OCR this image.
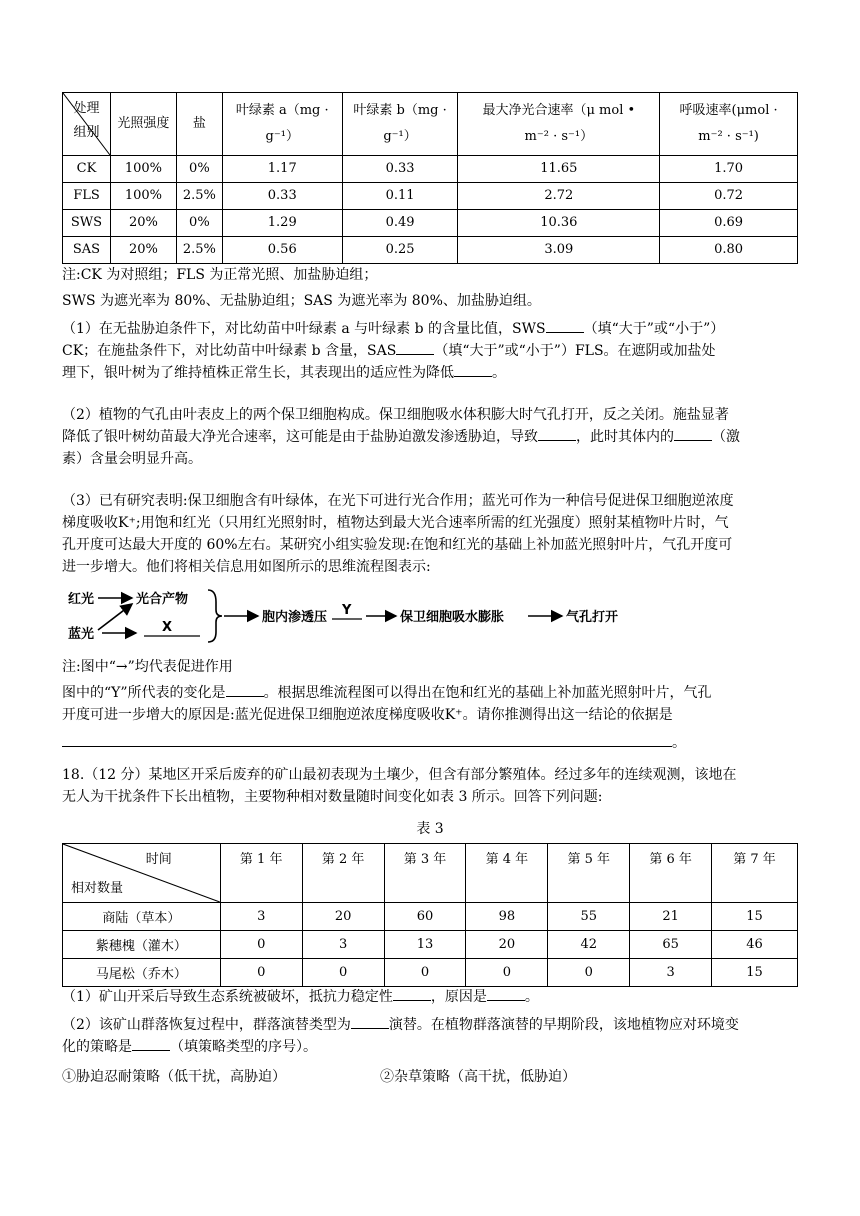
处理
组别	光照强度	盐	叶绿素 a（mg · g⁻¹）	叶绿素 b（mg · g⁻¹）	最大净光合速率（μ mol • m⁻² · s⁻¹）	呼吸速率(μmol · m⁻² · s⁻¹)
CK	100%	0%	1.17	0.33	11.65	1.70
FLS	100%	2.5%	0.33	0.11	2.72	0.72
SWS	20%	0%	1.29	0.49	10.36	0.69
SAS	20%	2.5%	0.56	0.25	3.09	0.80
注:CK 为对照组；FLS 为正常光照、加盐胁迫组；
SWS 为遮光率为 80%、无盐胁迫组；SAS 为遮光率为 80%、加盐胁迫组。
（1）在无盐胁迫条件下，对比幼苗中叶绿素 a 与叶绿素 b 的含量比值，SWS	（填“大于”或“小于”）
CK；在施盐条件下，对比幼苗中叶绿素 b 含量，SAS	（填“大于”或“小于”）FLS。在遮阴或加盐处
理下，银叶树为了维持植株正常生长，其表现出的适应性为降低	。
（2）植物的气孔由叶表皮上的两个保卫细胞构成。保卫细胞吸水体积膨大时气孔打开，反之关闭。施盐显著
降低了银叶树幼苗最大净光合速率，这可能是由于盐胁迫激发渗透胁迫，导致	，此时其体内的	（激
素）含量会明显升高。
（3）已有研究表明:保卫细胞含有叶绿体，在光下可进行光合作用；蓝光可作为一种信号促进保卫细胞逆浓度
梯度吸收K⁺;用饱和红光（只用红光照射时，植物达到最大光合速率所需的红光强度）照射某植物叶片时，气
孔开度可达最大开度的 60%左右。某研究小组实验发现:在饱和红光的基础上补加蓝光照射叶片，气孔开度可
进一步增大。他们将相关信息用如图所示的思维流程图表示:
红光	光合产物
蓝光	X
胞内渗透压 Y	保卫细胞吸水膨胀	气孔打开
注:图中“→”均代表促进作用
图中的“Y”所代表的变化是	。根据思维流程图可以得出在饱和红光的基础上补加蓝光照射叶片，气孔
开度可进一步增大的原因是:蓝光促进保卫细胞逆浓度梯度吸收K⁺。请你推测得出这一结论的依据是
。
18.（12 分）某地区开采后废弃的矿山最初表现为土壤少，但含有部分繁殖体。经过多年的连续观测，该地在
无人为干扰条件下长出植物，主要物种相对数量随时间变化如表 3 所示。回答下列问题:
表 3
时间
相对数量	第 1 年	第 2 年	第 3 年	第 4 年	第 5 年	第 6 年	第 7 年
商陆（草本）	3	20	60	98	55	21	15
紫穗槐（灌木）	0	3	13	20	42	65	46
马尾松（乔木）	0	0	0	0	0	3	15
（1）矿山开采后导致生态系统被破坏，抵抗力稳定性	，原因是	。
（2）该矿山群落恢复过程中，群落演替类型为	演替。在植物群落演替的早期阶段，该地植物应对环境变
化的策略是	（填策略类型的序号）。
①胁迫忍耐策略（低干扰，高胁迫）	②杂草策略（高干扰，低胁迫）
